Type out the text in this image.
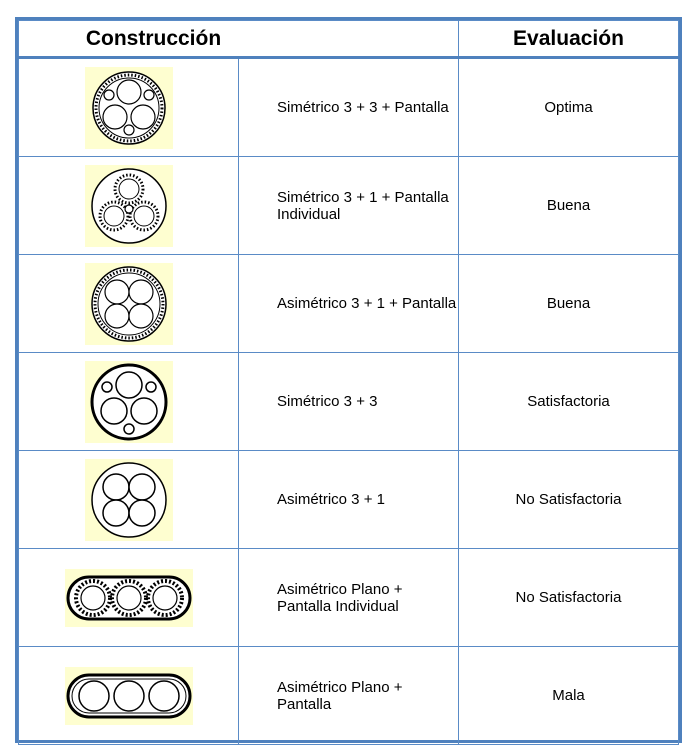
Construcción		Evaluación
	Simétrico 3 + 3 + Pantalla	Optima
	Simétrico 3 + 1 + Pantalla Individual	Buena
	Asimétrico 3 + 1 + Pantalla	Buena
	Simétrico 3 + 3	Satisfactoria
	Asimétrico 3 + 1	No Satisfactoria
	Asimétrico Plano + Pantalla Individual	No Satisfactoria
	Asimétrico Plano + Pantalla	Mala
